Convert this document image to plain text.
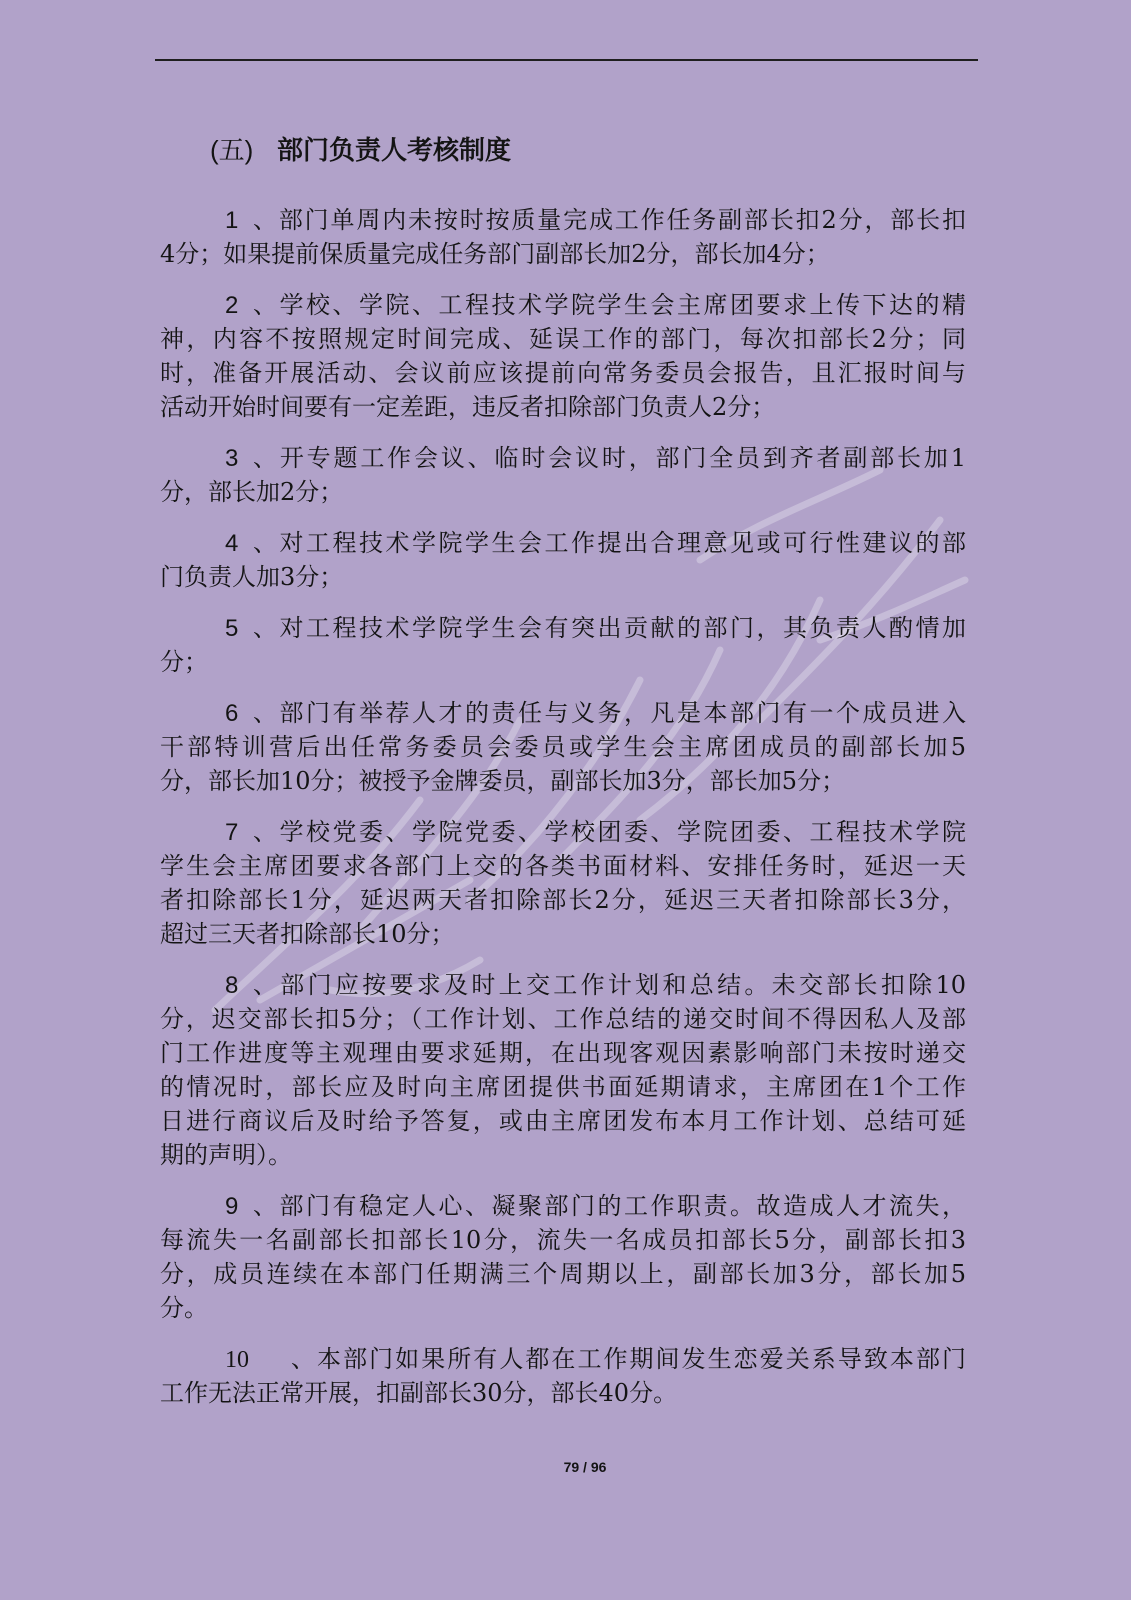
(五) 部门负责人考核制度
1、部门单周内未按时按质量完成工作任务副部长扣2分，部长扣
4分；如果提前保质量完成任务部门副部长加2分，部长加4分；
2、学校、学院、工程技术学院学生会主席团要求上传下达的精
神，内容不按照规定时间完成、延误工作的部门，每次扣部长2分；同
时，准备开展活动、会议前应该提前向常务委员会报告，且汇报时间与
活动开始时间要有一定差距，违反者扣除部门负责人2分；
3、开专题工作会议、临时会议时，部门全员到齐者副部长加1
分，部长加2分；
4、对工程技术学院学生会工作提出合理意见或可行性建议的部
门负责人加3分；
5、对工程技术学院学生会有突出贡献的部门，其负责人酌情加
分；
6、部门有举荐人才的责任与义务，凡是本部门有一个成员进入
干部特训营后出任常务委员会委员或学生会主席团成员的副部长加5
分，部长加10分；被授予金牌委员，副部长加3分，部长加5分；
7、学校党委、学院党委、学校团委、学院团委、工程技术学院
学生会主席团要求各部门上交的各类书面材料、安排任务时，延迟一天
者扣除部长1分，延迟两天者扣除部长2分，延迟三天者扣除部长3分，
超过三天者扣除部长10分；
8、部门应按要求及时上交工作计划和总结。未交部长扣除10
分，迟交部长扣5分；（工作计划、工作总结的递交时间不得因私人及部
门工作进度等主观理由要求延期，在出现客观因素影响部门未按时递交
的情况时，部长应及时向主席团提供书面延期请求，主席团在1个工作
日进行商议后及时给予答复，或由主席团发布本月工作计划、总结可延
期的声明）。
9、部门有稳定人心、凝聚部门的工作职责。故造成人才流失，
每流失一名副部长扣部长10分，流失一名成员扣部长5分，副部长扣3
分，成员连续在本部门任期满三个周期以上，副部长加3分，部长加5
分。
10、本部门如果所有人都在工作期间发生恋爱关系导致本部门
工作无法正常开展，扣副部长30分，部长40分。
79 / 96
